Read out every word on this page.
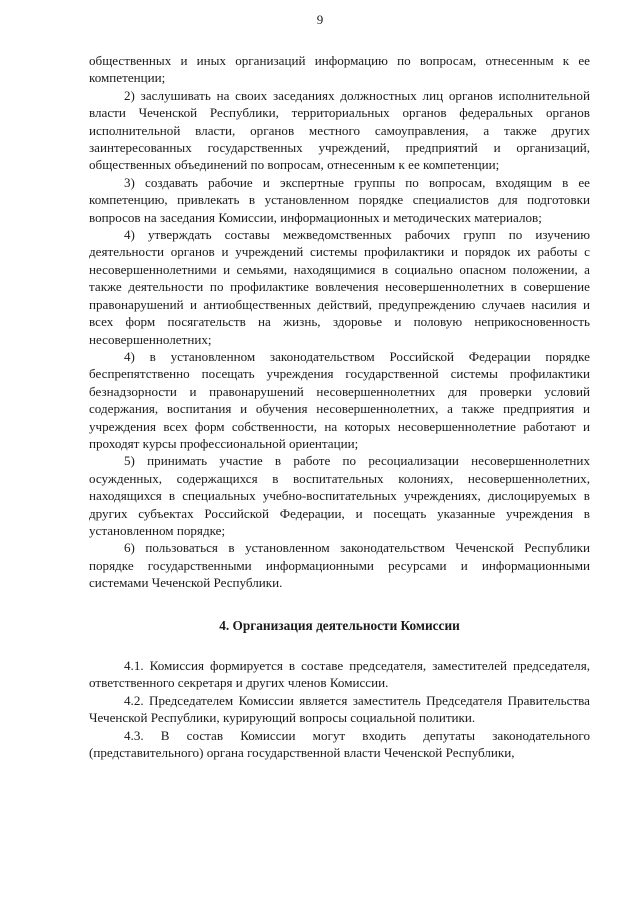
9

общественных и иных организаций информацию по вопросам, отнесенным к ее компетенции;

2) заслушивать на своих заседаниях должностных лиц органов исполнительной власти Чеченской Республики, территориальных органов федеральных органов исполнительной власти, органов местного самоуправления, а также других заинтересованных государственных учреждений, предприятий и организаций, общественных объединений по вопросам, отнесенным к ее компетенции;

3) создавать рабочие и экспертные группы по вопросам, входящим в ее компетенцию, привлекать в установленном порядке специалистов для подготовки вопросов на заседания Комиссии, информационных и методических материалов;

4) утверждать составы межведомственных рабочих групп по изучению деятельности органов и учреждений системы профилактики и порядок их работы с несовершеннолетними и семьями, находящимися в социально опасном положении, а также деятельности по профилактике вовлечения несовершеннолетних в совершение правонарушений и антиобщественных действий, предупреждению случаев насилия и всех форм посягательств на жизнь, здоровье и половую неприкосновенность несовершеннолетних;

4) в установленном законодательством Российской Федерации порядке беспрепятственно посещать учреждения государственной системы профилактики безнадзорности и правонарушений несовершеннолетних для проверки условий содержания, воспитания и обучения несовершеннолетних, а также предприятия и учреждения всех форм собственности, на которых несовершеннолетние работают и проходят курсы профессиональной ориентации;

5) принимать участие в работе по ресоциализации несовершеннолетних осужденных, содержащихся в воспитательных колониях, несовершеннолетних, находящихся в специальных учебно-воспитательных учреждениях, дислоцируемых в других субъектах Российской Федерации, и посещать указанные учреждения в установленном порядке;

6) пользоваться в установленном законодательством Чеченской Республики порядке государственными информационными ресурсами и информационными системами Чеченской Республики.

4. Организация деятельности Комиссии

4.1. Комиссия формируется в составе председателя, заместителей председателя, ответственного секретаря и других членов Комиссии.

4.2. Председателем Комиссии является заместитель Председателя Правительства Чеченской Республики, курирующий вопросы социальной политики.

4.3. В состав Комиссии могут входить депутаты законодательного (представительного) органа государственной власти Чеченской Республики,
